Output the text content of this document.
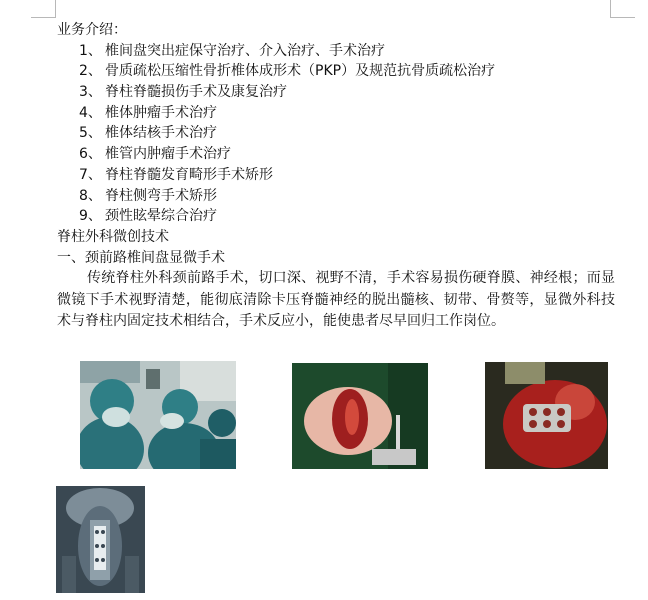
业务介绍：
1、 椎间盘突出症保守治疗、介入治疗、手术治疗
2、 骨质疏松压缩性骨折椎体成形术（PKP）及规范抗骨质疏松治疗
3、 脊柱脊髓损伤手术及康复治疗
4、 椎体肿瘤手术治疗
5、 椎体结核手术治疗
6、 椎管内肿瘤手术治疗
7、 脊柱脊髓发育畸形手术矫形
8、 脊柱侧弯手术矫形
9、 颈性眩晕综合治疗
脊柱外科微创技术
一、颈前路椎间盘显微手术

传统脊柱外科颈前路手术，切口深、视野不清，手术容易损伤硬脊膜、神经根；而显微镜下手术视野清楚，能彻底清除卡压脊髓神经的脱出髓核、韧带、骨赘等，显微外科技术与脊柱内固定技术相结合，手术反应小，能使患者尽早回归工作岗位。
